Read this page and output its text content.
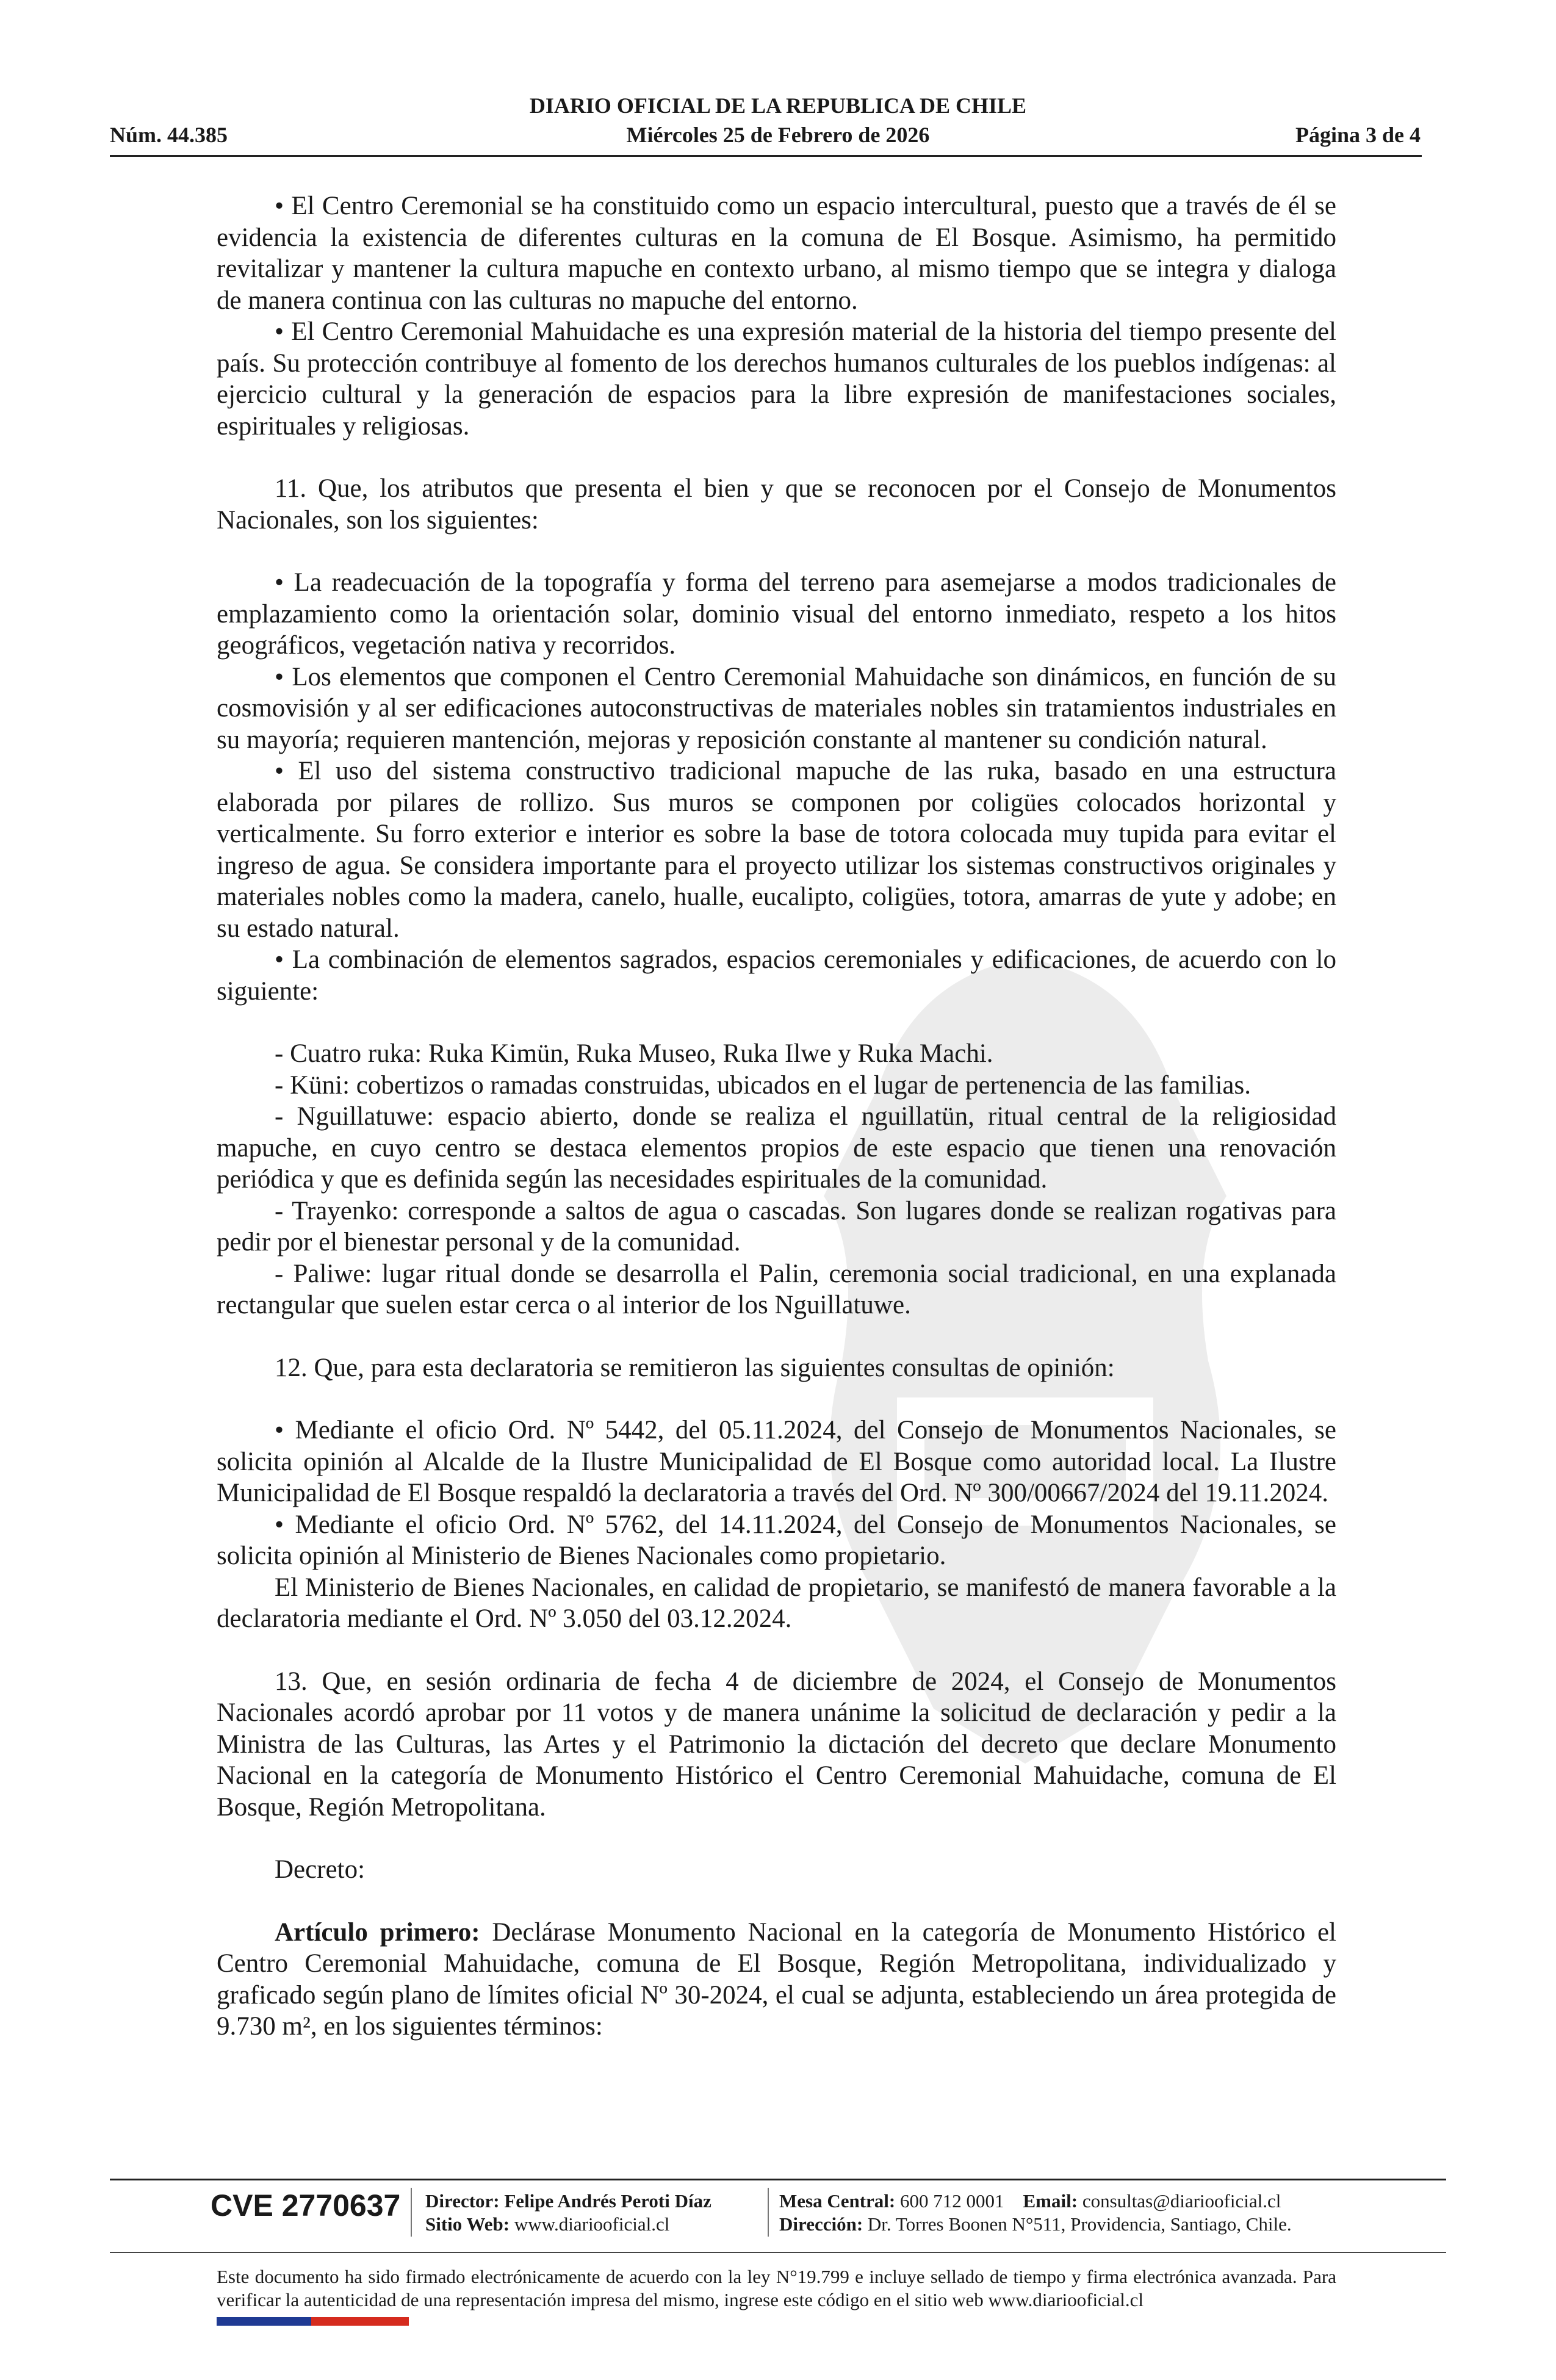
DIARIO OFICIAL DE LA REPUBLICA DE CHILE
Núm. 44.385	Miércoles 25 de Febrero de 2026	Página 3 de 4

• El Centro Ceremonial se ha constituido como un espacio intercultural, puesto que a través de él se evidencia la existencia de diferentes culturas en la comuna de El Bosque. Asimismo, ha permitido revitalizar y mantener la cultura mapuche en contexto urbano, al mismo tiempo que se integra y dialoga de manera continua con las culturas no mapuche del entorno.

• El Centro Ceremonial Mahuidache es una expresión material de la historia del tiempo presente del país. Su protección contribuye al fomento de los derechos humanos culturales de los pueblos indígenas: al ejercicio cultural y la generación de espacios para la libre expresión de manifestaciones sociales, espirituales y religiosas.

11. Que, los atributos que presenta el bien y que se reconocen por el Consejo de Monumentos Nacionales, son los siguientes:

• La readecuación de la topografía y forma del terreno para asemejarse a modos tradicionales de emplazamiento como la orientación solar, dominio visual del entorno inmediato, respeto a los hitos geográficos, vegetación nativa y recorridos.

• Los elementos que componen el Centro Ceremonial Mahuidache son dinámicos, en función de su cosmovisión y al ser edificaciones autoconstructivas de materiales nobles sin tratamientos industriales en su mayoría; requieren mantención, mejoras y reposición constante al mantener su condición natural.

• El uso del sistema constructivo tradicional mapuche de las ruka, basado en una estructura elaborada por pilares de rollizo. Sus muros se componen por coligües colocados horizontal y verticalmente. Su forro exterior e interior es sobre la base de totora colocada muy tupida para evitar el ingreso de agua. Se considera importante para el proyecto utilizar los sistemas constructivos originales y materiales nobles como la madera, canelo, hualle, eucalipto, coligües, totora, amarras de yute y adobe; en su estado natural.

• La combinación de elementos sagrados, espacios ceremoniales y edificaciones, de acuerdo con lo siguiente:

- Cuatro ruka: Ruka Kimün, Ruka Museo, Ruka Ilwe y Ruka Machi.

- Küni: cobertizos o ramadas construidas, ubicados en el lugar de pertenencia de las familias.

- Nguillatuwe: espacio abierto, donde se realiza el nguillatün, ritual central de la religiosidad mapuche, en cuyo centro se destaca elementos propios de este espacio que tienen una renovación periódica y que es definida según las necesidades espirituales de la comunidad.

- Trayenko: corresponde a saltos de agua o cascadas. Son lugares donde se realizan rogativas para pedir por el bienestar personal y de la comunidad.

- Paliwe: lugar ritual donde se desarrolla el Palin, ceremonia social tradicional, en una explanada rectangular que suelen estar cerca o al interior de los Nguillatuwe.

12. Que, para esta declaratoria se remitieron las siguientes consultas de opinión:

• Mediante el oficio Ord. Nº 5442, del 05.11.2024, del Consejo de Monumentos Nacionales, se solicita opinión al Alcalde de la Ilustre Municipalidad de El Bosque como autoridad local. La Ilustre Municipalidad de El Bosque respaldó la declaratoria a través del Ord. Nº 300/00667/2024 del 19.11.2024.

• Mediante el oficio Ord. Nº 5762, del 14.11.2024, del Consejo de Monumentos Nacionales, se solicita opinión al Ministerio de Bienes Nacionales como propietario.

El Ministerio de Bienes Nacionales, en calidad de propietario, se manifestó de manera favorable a la declaratoria mediante el Ord. Nº 3.050 del 03.12.2024.

13. Que, en sesión ordinaria de fecha 4 de diciembre de 2024, el Consejo de Monumentos Nacionales acordó aprobar por 11 votos y de manera unánime la solicitud de declaración y pedir a la Ministra de las Culturas, las Artes y el Patrimonio la dictación del decreto que declare Monumento Nacional en la categoría de Monumento Histórico el Centro Ceremonial Mahuidache, comuna de El Bosque, Región Metropolitana.

Decreto:

Artículo primero: Declárase Monumento Nacional en la categoría de Monumento Histórico el Centro Ceremonial Mahuidache, comuna de El Bosque, Región Metropolitana, individualizado y graficado según plano de límites oficial Nº 30-2024, el cual se adjunta, estableciendo un área protegida de 9.730 m², en los siguientes términos:

CVE 2770637 Director: Felipe Andrés Peroti Díaz
Sitio Web: www.diariooficial.cl
Mesa Central: 600 712 0001 Email: consultas@diariooficial.cl
Dirección: Dr. Torres Boonen N°511, Providencia, Santiago, Chile.
Este documento ha sido firmado electrónicamente de acuerdo con la ley N°19.799 e incluye sellado de tiempo y firma electrónica avanzada. Para verificar la autenticidad de una representación impresa del mismo, ingrese este código en el sitio web www.diariooficial.cl
